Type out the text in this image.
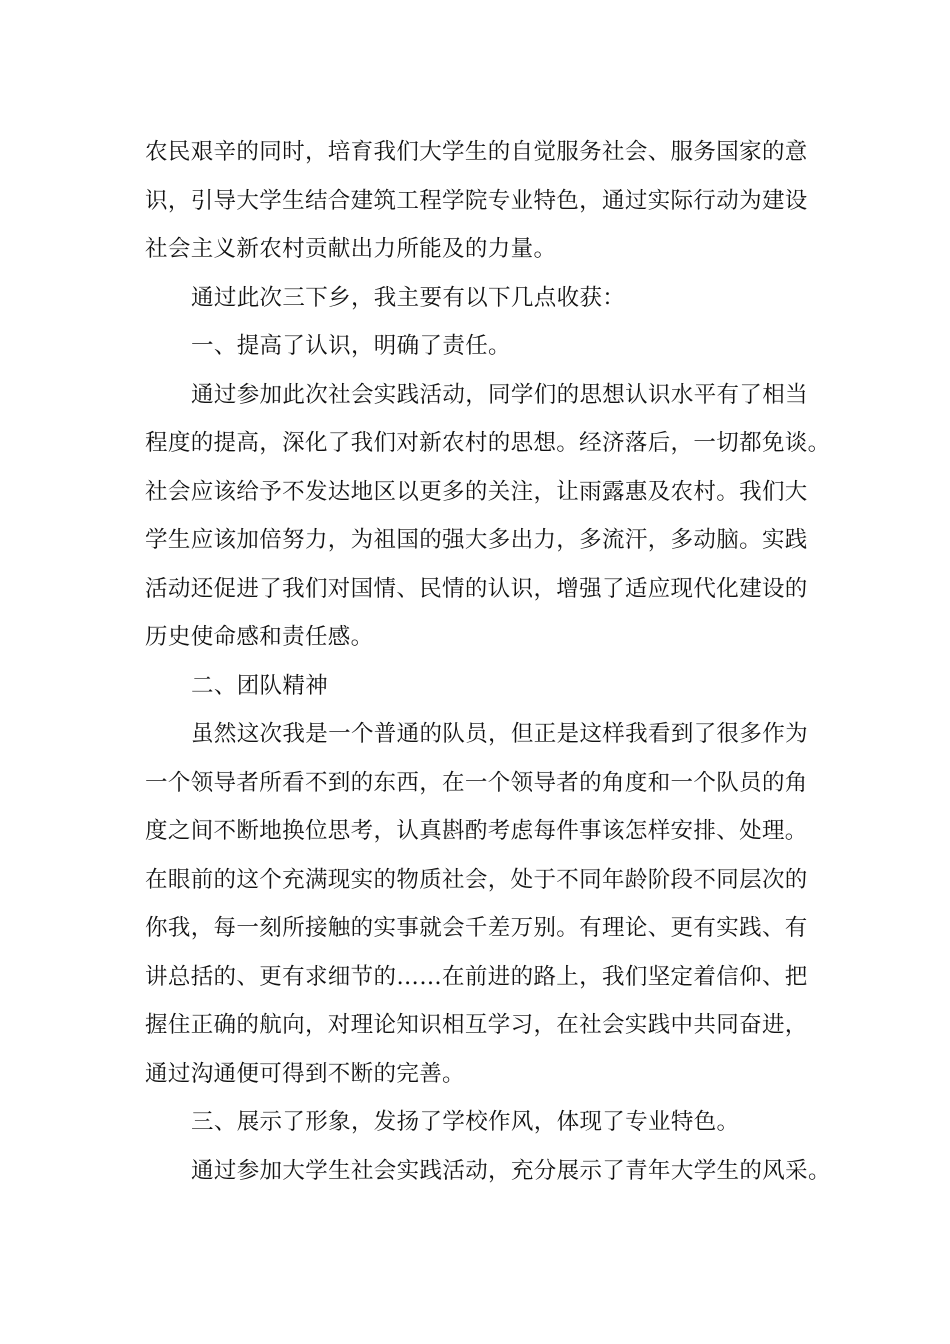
农民艰辛的同时，培育我们大学生的自觉服务社会、服务国家的意
识，引导大学生结合建筑工程学院专业特色，通过实际行动为建设
社会主义新农村贡献出力所能及的力量。
通过此次三下乡，我主要有以下几点收获：
一、提高了认识，明确了责任。
通过参加此次社会实践活动，同学们的思想认识水平有了相当
程度的提高，深化了我们对新农村的思想。经济落后，一切都免谈。
社会应该给予不发达地区以更多的关注，让雨露惠及农村。我们大
学生应该加倍努力，为祖国的强大多出力，多流汗，多动脑。实践
活动还促进了我们对国情、民情的认识，增强了适应现代化建设的
历史使命感和责任感。
二、团队精神
虽然这次我是一个普通的队员，但正是这样我看到了很多作为
一个领导者所看不到的东西，在一个领导者的角度和一个队员的角
度之间不断地换位思考，认真斟酌考虑每件事该怎样安排、处理。
在眼前的这个充满现实的物质社会，处于不同年龄阶段不同层次的
你我，每一刻所接触的实事就会千差万别。有理论、更有实践、有
讲总括的、更有求细节的……在前进的路上，我们坚定着信仰、把
握住正确的航向，对理论知识相互学习，在社会实践中共同奋进，
通过沟通便可得到不断的完善。
三、展示了形象，发扬了学校作风，体现了专业特色。
通过参加大学生社会实践活动，充分展示了青年大学生的风采。
